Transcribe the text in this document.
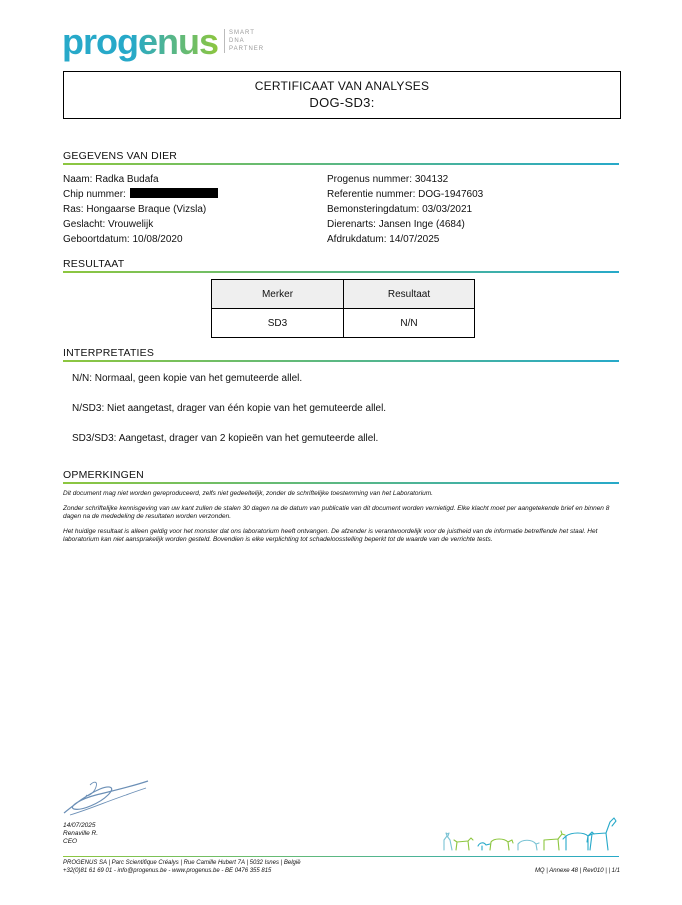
progenus SMART
DNA
PARTNER
CERTIFICAAT VAN ANALYSES
DOG-SD3:
GEGEVENS VAN DIER
Naam: Radka Budafa
Chip nummer:
Ras: Hongaarse Braque (Vizsla)
Geslacht: Vrouwelijk
Geboortdatum: 10/08/2020
Progenus nummer: 304132
Referentie nummer: DOG-1947603
Bemonsteringdatum: 03/03/2021
Dierenarts: Jansen Inge (4684)
Afdrukdatum: 14/07/2025
RESULTAAT
Merker	Resultaat
SD3	N/N
INTERPRETATIES
N/N: Normaal, geen kopie van het gemuteerde allel.
N/SD3: Niet aangetast, drager van één kopie van het gemuteerde allel.
SD3/SD3: Aangetast, drager van 2 kopieën van het gemuteerde allel.
OPMERKINGEN

Dit document mag niet worden gereproduceerd, zelfs niet gedeeltelijk, zonder de schriftelijke toestemming van het Laboratorium.

Zonder schriftelijke kennisgeving van uw kant zullen de stalen 30 dagen na de datum van publicatie van dit document worden vernietigd. Elke klacht moet per aangetekende brief en binnen 8 dagen na de mededeling de resultaten worden verzonden.

Het huidige resultaat is alleen geldig voor het monster dat ons laboratorium heeft ontvangen. De afzender is verantwoordelijk voor de juistheid van de informatie betreffende het staal. Het laboratorium kan niet aansprakelijk worden gesteld. Bovendien is elke verplichting tot schadeloosstelling beperkt tot de waarde van de verrichte tests.

14/07/2025
Renaville R.
CEO
PROGENUS SA | Parc Scientifique Créalys | Rue Camille Hubert 7A | 5032 Isnes | België
+32(0)81 61 69 01 - info@progenus.be - www.progenus.be - BE 0476 355 815	MQ | Annexe 48 | Rev010 | | 1/1
